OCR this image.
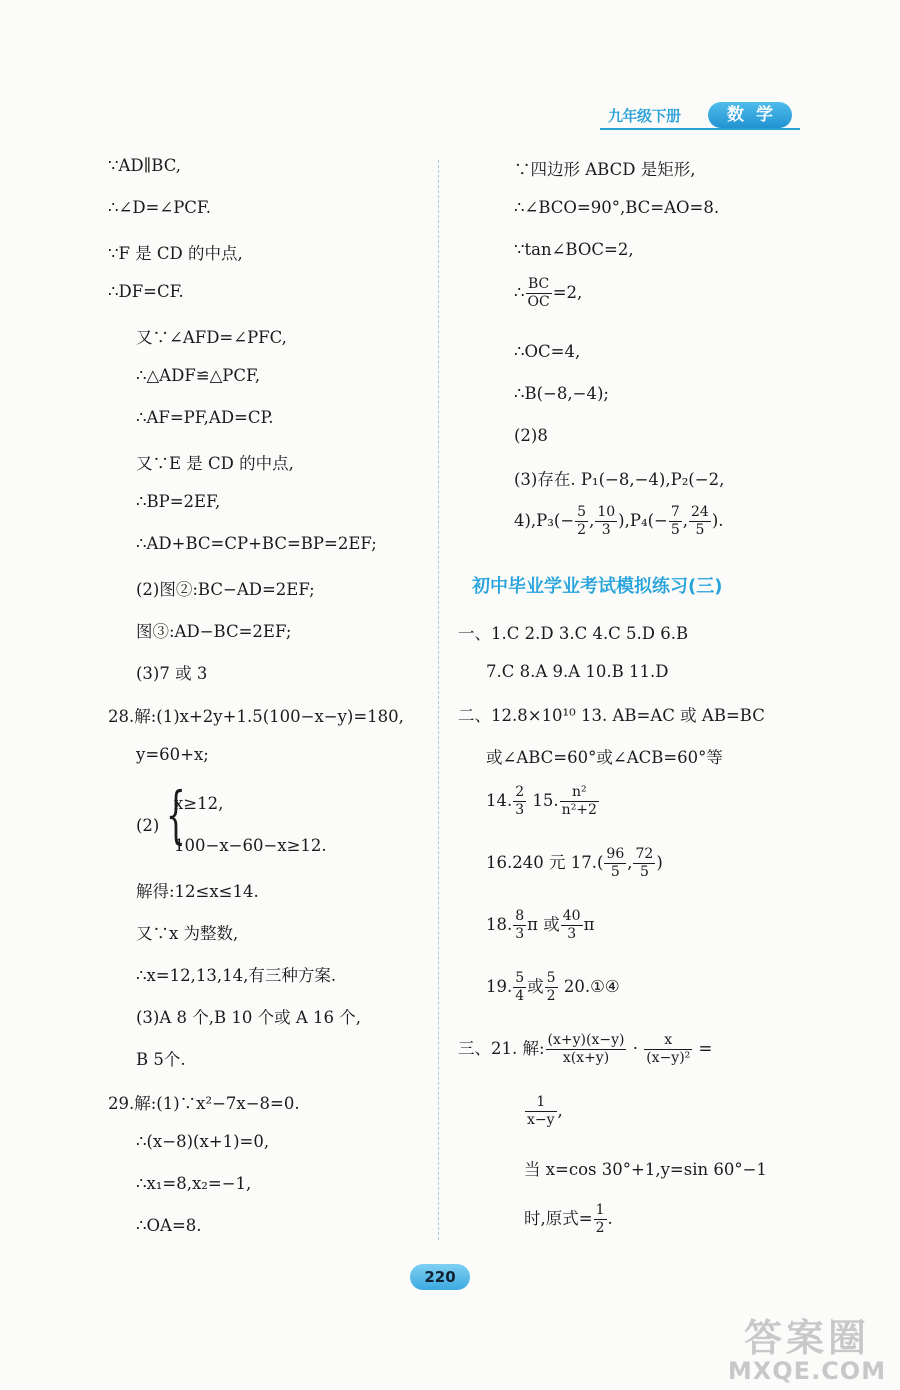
九年级下册	数学
∵AD∥BC,
∴∠D=∠PCF.
∵F 是 CD 的中点,
∴DF=CF.
又∵∠AFD=∠PFC,
∴△ADF≌△PCF,
∴AF=PF,AD=CP.
又∵E 是 CD 的中点,
∴BP=2EF,
∴AD+BC=CP+BC=BP=2EF;
(2)图②:BC−AD=2EF;
图③:AD−BC=2EF;
(3)7 或 3
28.解:(1)x+2y+1.5(100−x−y)=180,
y=60+x;
x≥12,
(2) {
100−x−60−x≥12.
解得:12≤x≤14.
又∵x 为整数,
∴x=12,13,14,有三种方案.
(3)A 8 个,B 10 个或 A 16 个,
B 5个.
29.解:(1)∵x²−7x−8=0.
∴(x−8)(x+1)=0,
∴x₁=8,x₂=−1,
∴OA=8.
∵四边形 ABCD 是矩形,
∴∠BCO=90°,BC=AO=8.
∵tan∠BOC=2,
∴ $\frac{BC}{OC} =2$,
∴OC=4,
∴B(−8,−4);
(2)8
(3)存在. P₁(−8,−4),P₂(−2,
$4),P_3(- \frac{5}{2}$ , $\frac{10}{3} ),P_4(- \frac{7}{5}$ , $\frac{24}{5}$ ).
初中毕业学业考试模拟练习(三)
一、1.C 2.D 3.C 4.C 5.D 6.B
7.C 8.A 9.A 10.B 11.D
二、12.8×10¹⁰ 13. AB=AC 或 AB=BC
或∠ABC=60°或∠ACB=60°等
14. $\frac{2}{3} 15$. $\frac{\text{n²}}{\text{n²+2}}$
16.240 元 $17.( \frac{96}{5}$ , $\frac{72}{5}$ )
18. $\frac{8}{3}$ π 或 $\frac{40}{3}$ π
19. $\frac{5}{4}$ 或 $\frac{5}{2}$ 20.①④
三、21. 解: $\frac{(x+y)(x-y)}{x(x+y)} \cdot \frac{x}{\text{(x−y)²}}$ =
$\frac{1}{x-y}$ ,
当 x=cos 30°+1,y=sin 60°−1
时,原式= $\frac{1}{2}$ .
220
答案圈
MXQE.COM
